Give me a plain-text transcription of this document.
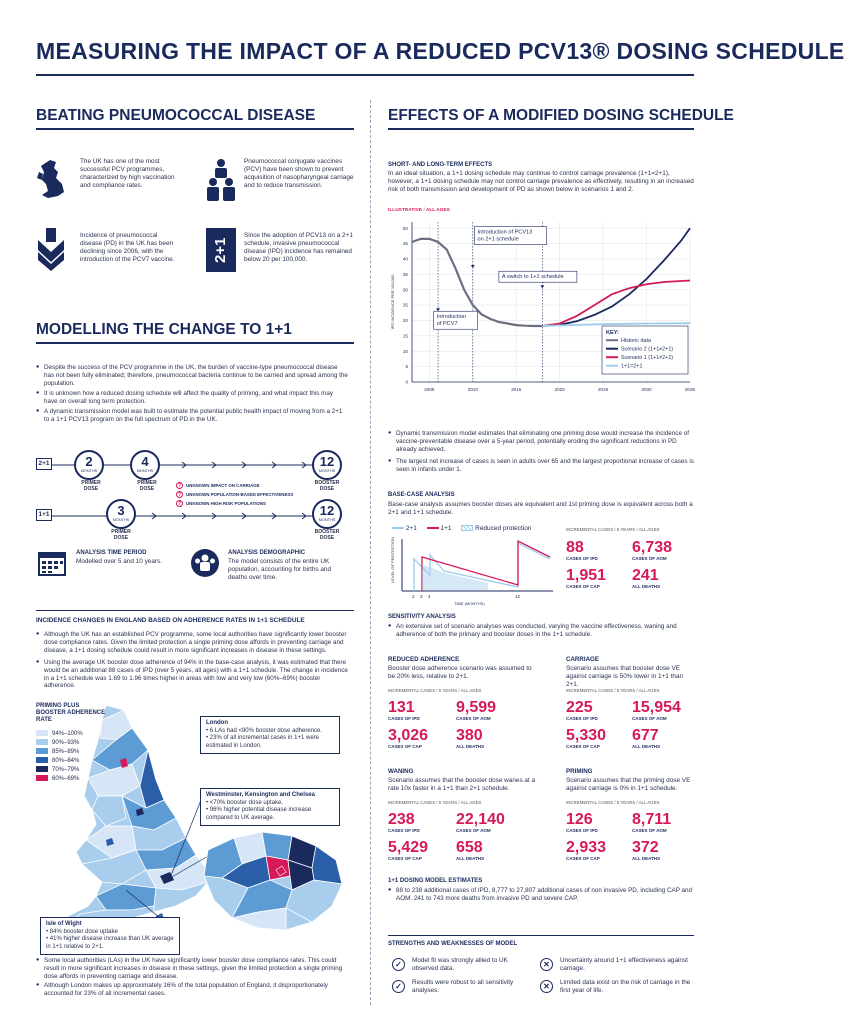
MEASURING THE IMPACT OF A REDUCED PCV13® DOSING SCHEDULE
BEATING PNEUMOCOCCAL DISEASE
The UK has one of the most successful PCV programmes, characterized by high vaccination and compliance rates.
Pneumococcal conjugate vaccines (PCV) have been shown to prevent acquisition of nasopharyngeal carriage and to reduce transmission.
Incidence of pneumococcal disease (PD) in the UK has been declining since 2006, with the introduction of the PCV7 vaccine.	2+1
Since the adoption of PCV13 on a 2+1 schedule, invasive pneumococcal disease (IPD) incidence has remained below 20 per 100,000.
MODELLING THE CHANGE TO 1+1
● Despite the success of the PCV programme in the UK, the burden of vaccine-type pneumococcal disease has not been fully eliminated; therefore, pneumococcal bacteria continue to be carried and spread among the population.
● It is unknown how a reduced dosing schedule will affect the quality of priming, and what impact this may have on overall long term protection.
● A dynamic transmission model was built to estimate the potential public health impact of moving from a 2+1 to a 1+1 PCV13 program on the full spectrum of PD in the UK.
2+1	2
MONTHS
4
MONTHS
12
MONTHS
PRIMER DOSE
PRIMER DOSE
BOOSTER DOSE
? UNKNOWN IMPACT ON CARRIAGE
? UNKNOWN POPULATION-BASED EFFECTIVENESS
? UNKNOWN HIGH RISK POPULATIONS
1+1	3
MONTHS
12
MONTHS
PRIMER DOSE
BOOSTER DOSE
ANALYSIS TIME PERIOD
Modelled over 5 and 10 years.
ANALYSIS DEMOGRAPHIC
The model consists of the entire UK population, accounting for births and deaths over time.
INCIDENCE CHANGES IN ENGLAND BASED ON ADHERENCE RATES IN 1+1 SCHEDULE
● Although the UK has an established PCV programme, some local authorities have significantly lower booster dose compliance rates. Given the limited protection a single priming dose affords in preventing carriage and disease, a 1+1 dosing schedule could result in more significant increases in disease in these settings.
● Using the average UK booster dose adherence of 94% in the base-case analysis, it was estimated that there would be an additional 88 cases of IPD (over 5 years, all ages) with a 1+1 schedule. The change in incidence in a 1+1 schedule was 1.69 to 1.96 times higher in areas with low and very low (60%–69%) booster adherence.
PRIMING PLUS BOOSTER ADHERENCE RATE
94%–100%
90%–93%
85%–89%
80%–84%
70%–79%
60%–69%
London
• 6 LAs had <80% booster dose adherence.
• 23% of all incremental cases in 1+1 were estimated in London.
Westminster, Kensington and Chelsea
• <70% booster dose uptake.
• 96% higher potential disease increase compared to UK average.
Isle of Wight
• 84% booster dose uptake
• 41% higher disease increase than UK average in 1+1 relative to 2+1.
● Some local authorities (LAs) in the UK have significantly lower booster dose compliance rates. This could result in more significant increases in disease in these settings, given the limited protection a single priming dose affords in preventing carriage and disease.
● Although London makes up approximately 16% of the total population of England, it disproportionately accounted for 23% of all incremental cases.
EFFECTS OF A MODIFIED DOSING SCHEDULE
SHORT- AND LONG-TERM EFFECTS
In an ideal situation, a 1+1 dosing schedule may continue to control carriage prevalence (1+1=2+1), however, a 1+1 dosing schedule may not control carriage prevalence as effectively, resulting in an increased risk of both transmission and development of PD as shown below in scenarios 1 and 2.
ILLUSTRATIVE / ALL AGES
0
5
10
15
20
25
30
35
40
45
50
2005	2010	2015	2020	2025	2030	2035
IPD INCIDENCE PER 100,000	Introduction of PCV7
Introduction of PCV13 on 2+1 schedule
A switch to 1+1 schedule
KEY:
Historic data
Scenario 2 (1+1≠2+1)
Scenario 1 (1+1≠2+1)
1+1=2+1
● Dynamic transmission model estimates that eliminating one priming dose would increase the incidence of vaccine-preventable disease over a 5-year period, potentially eroding the significant reductions in PD already achieved.
● The largest net increase of cases is seen in adults over 65 and the largest proportional increase of cases is seen in infants under 1.
BASE-CASE ANALYSIS
Base-case analysis assumes booster doses are equivalent and 1st priming dose is equivalent across both a 2+1 and 1+1 schedule.
2+1	1+1	Reduced protection
LEVEL OF PROTECTION
2 3 4	12
TIME (MONTHS)
INCREMENTAL CASES / 5 YEARS / ALL AGES
88
CASES OF IPD
6,738
CASES OF AOM
1,951
CASES OF CAP
241
ALL DEATHS
SENSITIVITY ANALYSIS
● An extensive set of scenario analyses was conducted, varying the vaccine effectiveness, waning and adherence of both the primary and booster doses in the 1+1 schedule.
REDUCED ADHERENCE
Booster dose adherence scenario was assumed to be 20% less, relative to 2+1.
INCREMENTAL CASES / 5 YEARS / ALL AGES
131
CASES OF IPD
9,599
CASES OF AOM
3,026
CASES OF CAP
380
ALL DEATHS
CARRIAGE
Scenario assumes that booster dose VE against carriage is 50% lower in 1+1 than 2+1.
INCREMENTAL CASES / 5 YEARS / ALL AGES
225
CASES OF IPD
15,954
CASES OF AOM
5,330
CASES OF CAP
677
ALL DEATHS
WANING
Scenario assumes that the booster dose wanes at a rate 10x faster in a 1+1 than 2+1 schedule.
INCREMENTAL CASES / 5 YEARS / ALL AGES
238
CASES OF IPD
22,140
CASES OF AOM
5,429
CASES OF CAP
658
ALL DEATHS
PRIMING
Scenario assumes that the priming dose VE against carriage is 0% in 1+1 schedule.
INCREMENTAL CASES / 5 YEARS / ALL AGES
126
CASES OF IPD
8,711
CASES OF AOM
2,933
CASES OF CAP
372
ALL DEATHS
1+1 DOSING MODEL ESTIMATES
● 88 to 238 additional cases of IPD, 8,777 to 27,807 additional cases of non invasive PD, including CAP and AOM. 241 to 743 more deaths from invasive PD and severe CAP.
STRENGTHS AND WEAKNESSES OF MODEL
✓	Model fit was strongly allied to UK observed data.
✓	Results were robust to all sensitivity analyses.
✕	Uncertainty around 1+1 effectiveness against carriage.
✕	Limited data exist on the risk of carriage in the first year of life.
